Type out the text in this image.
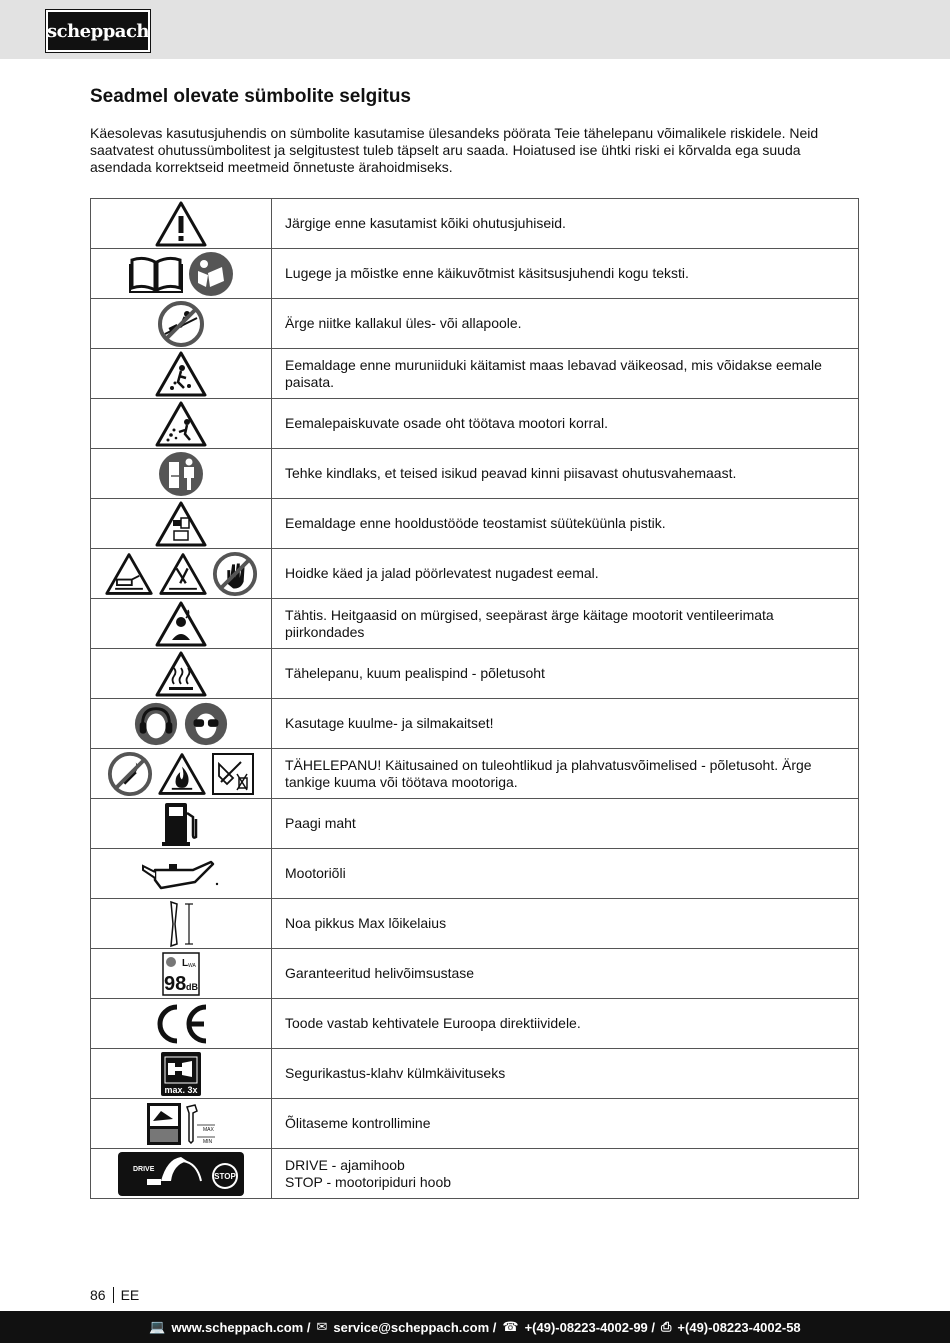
scheppach
Seadmel olevate sümbolite selgitus

Käesolevas kasutusjuhendis on sümbolite kasutamise ülesandeks pöörata Teie tähelepanu võimalikele riskidele. Neid saatvatest ohutussümbolitest ja selgitustest tuleb täpselt aru saada. Hoiatused ise ühtki riski ei kõrvalda ega suuda asendada korrektseid meetmeid õnnetuste ärahoidmiseks.

	Järgige enne kasutamist kõiki ohutusjuhiseid.
	Lugege ja mõistke enne käikuvõtmist käsitsusjuhendi kogu teksti.
	Ärge niitke kallakul üles- või allapoole.
	Eemaldage enne muruniiduki käitamist maas lebavad väikeosad, mis võidakse eemale paisata.
	Eemalepaiskuvate osade oht töötava mootori korral.
	Tehke kindlaks, et teised isikud peavad kinni piisavast ohutusvahemaast.
	Eemaldage enne hooldustööde teostamist süüteküünla pistik.
	Hoidke käed ja jalad pöörlevatest nugadest eemal.
	Tähtis. Heitgaasid on mürgised, seepärast ärge käitage mootorit ventileerimata piirkondades
	Tähelepanu, kuum pealispind - põletusoht
	Kasutage kuulme- ja silmakaitset!
	TÄHELEPANU! Käitusained on tuleohtlikud ja plahvatusvõimelised - põletusoht. Ärge tankige kuuma või töötava mootoriga.
	Paagi maht
	Mootoriõli
	Noa pikkus Max lõikelaius

L WA
98 dB	Garanteeritud helivõimsustase
	Toode vastab kehtivatele Euroopa direktiividele.

max. 3x	Segurikastus-klahv külmkäivituseks

MAX
MIN	Õlitaseme kontrollimine

DRIVE
MOTOR
STOP	DRIVE - ajamihoob
STOP - mootoripiduri hoob
86 EE
💻 www.scheppach.com / ✉ service@scheppach.com / ☎ +(49)-08223-4002-99 / ⎙ +(49)-08223-4002-58
